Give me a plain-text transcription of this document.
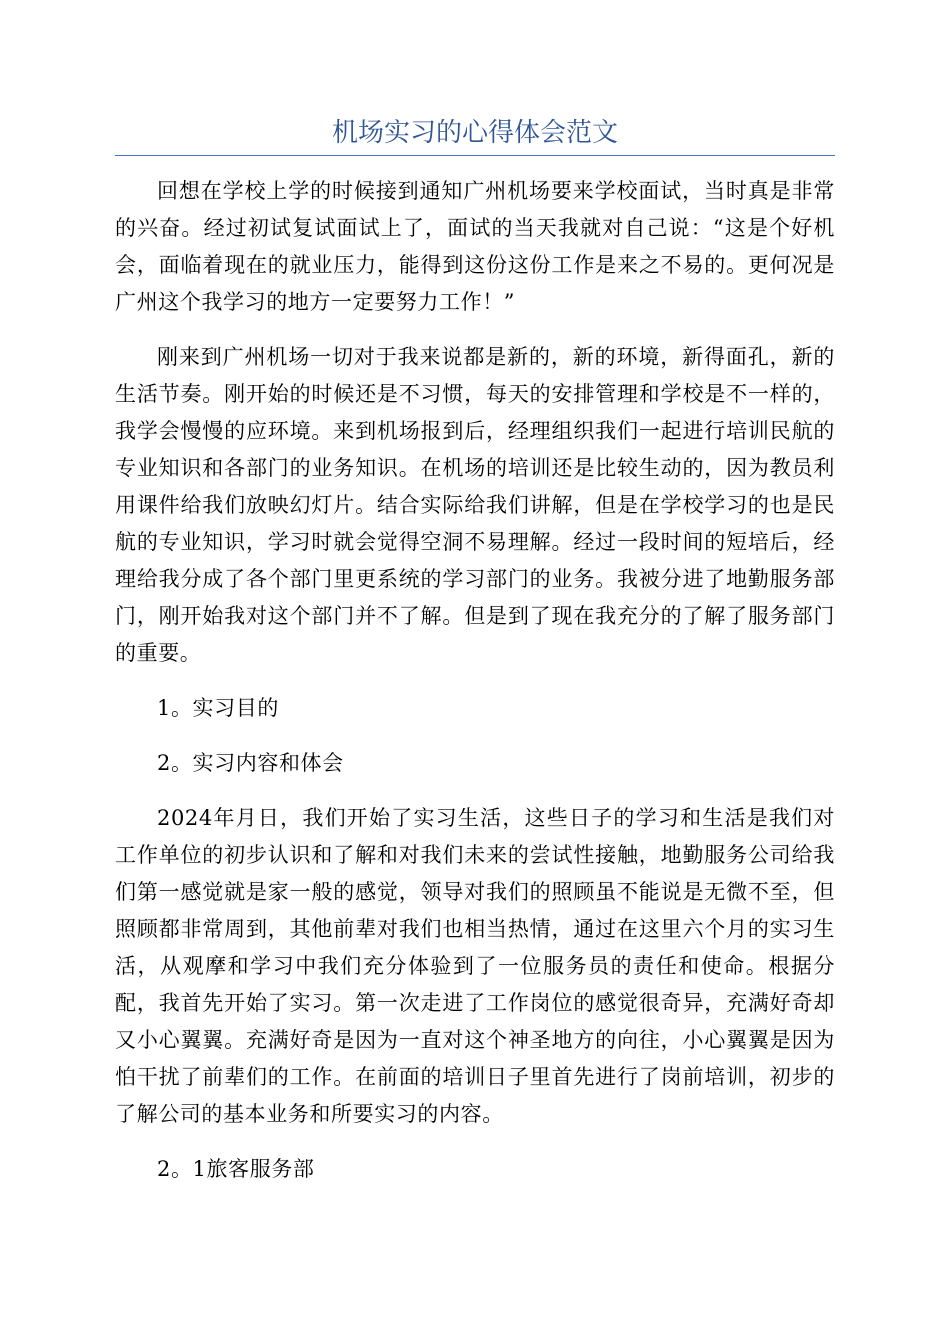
机场实习的心得体会范文

回想在学校上学的时候接到通知广州机场要来学校面试，当时真是非常的兴奋。经过初试复试面试上了，面试的当天我就对自己说：“这是个好机会，面临着现在的就业压力，能得到这份这份工作是来之不易的。更何况是广州这个我学习的地方一定要努力工作！”

刚来到广州机场一切对于我来说都是新的，新的环境，新得面孔，新的生活节奏。刚开始的时候还是不习惯，每天的安排管理和学校是不一样的，我学会慢慢的应环境。来到机场报到后，经理组织我们一起进行培训民航的专业知识和各部门的业务知识。在机场的培训还是比较生动的，因为教员利用课件给我们放映幻灯片。结合实际给我们讲解，但是在学校学习的也是民航的专业知识，学习时就会觉得空洞不易理解。经过一段时间的短培后，经理给我分成了各个部门里更系统的学习部门的业务。我被分进了地勤服务部门，刚开始我对这个部门并不了解。但是到了现在我充分的了解了服务部门的重要。

1。实习目的

2。实习内容和体会

2024年月日，我们开始了实习生活，这些日子的学习和生活是我们对工作单位的初步认识和了解和对我们未来的尝试性接触，地勤服务公司给我们第一感觉就是家一般的感觉，领导对我们的照顾虽不能说是无微不至，但照顾都非常周到，其他前辈对我们也相当热情，通过在这里六个月的实习生活，从观摩和学习中我们充分体验到了一位服务员的责任和使命。根据分配，我首先开始了实习。第一次走进了工作岗位的感觉很奇异，充满好奇却又小心翼翼。充满好奇是因为一直对这个神圣地方的向往，小心翼翼是因为怕干扰了前辈们的工作。在前面的培训日子里首先进行了岗前培训，初步的了解公司的基本业务和所要实习的内容。

2。1旅客服务部
